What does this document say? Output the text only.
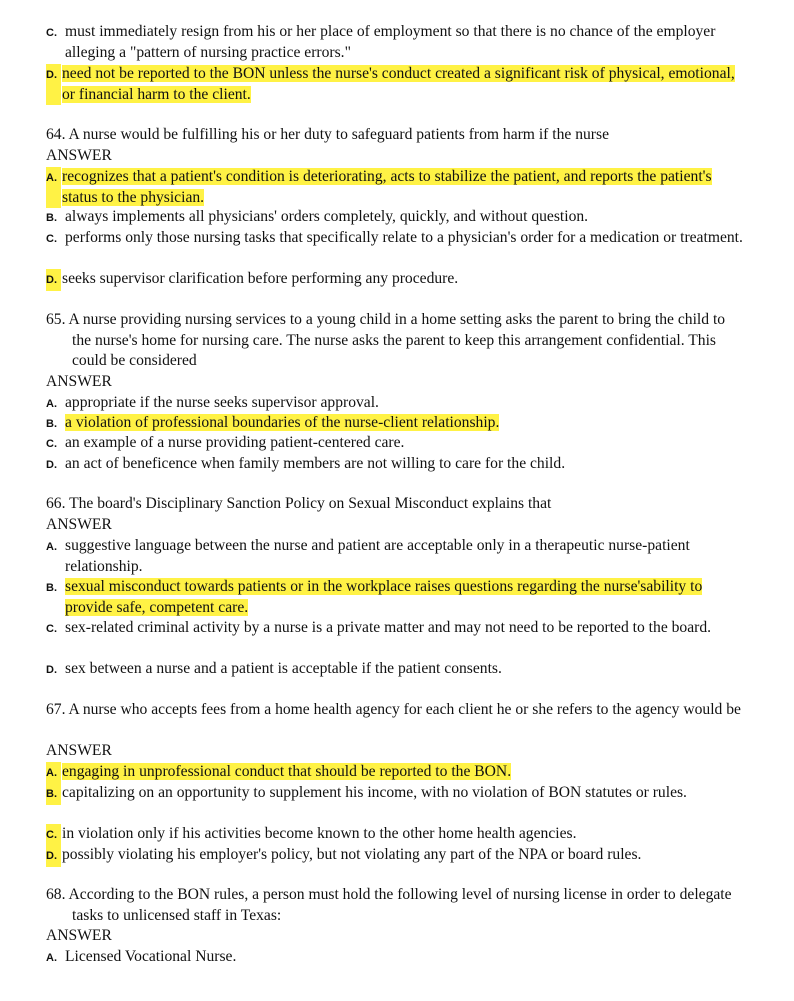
C. must immediately resign from his or her place of employment so that there is no chance of the employer alleging a "pattern of nursing practice errors."
D. need not be reported to the BON unless the nurse's conduct created a significant risk of physical, emotional, or financial harm to the client.
64. A nurse would be fulfilling his or her duty to safeguard patients from harm if the nurse
ANSWER
A. recognizes that a patient's condition is deteriorating, acts to stabilize the patient, and reports the patient's status to the physician.
B. always implements all physicians' orders completely, quickly, and without question.
C. performs only those nursing tasks that specifically relate to a physician's order for a medication or treatment.
D. seeks supervisor clarification before performing any procedure.
65. A nurse providing nursing services to a young child in a home setting asks the parent to bring the child to the nurse's home for nursing care. The nurse asks the parent to keep this arrangement confidential. This could be considered
ANSWER
A. appropriate if the nurse seeks supervisor approval.
B. a violation of professional boundaries of the nurse-client relationship.
C. an example of a nurse providing patient-centered care.
D. an act of beneficence when family members are not willing to care for the child.
66. The board's Disciplinary Sanction Policy on Sexual Misconduct explains that
ANSWER
A. suggestive language between the nurse and patient are acceptable only in a therapeutic nurse-patient relationship.
B. sexual misconduct towards patients or in the workplace raises questions regarding the nurse'sability to provide safe, competent care.
C. sex-related criminal activity by a nurse is a private matter and may not need to be reported to the board.
D. sex between a nurse and a patient is acceptable if the patient consents.
67. A nurse who accepts fees from a home health agency for each client he or she refers to the agency would be
ANSWER
A. engaging in unprofessional conduct that should be reported to the BON.
B. capitalizing on an opportunity to supplement his income, with no violation of BON statutes or rules.
C. in violation only if his activities become known to the other home health agencies.
D. possibly violating his employer's policy, but not violating any part of the NPA or board rules.
68. According to the BON rules, a person must hold the following level of nursing license in order to delegate tasks to unlicensed staff in Texas:
ANSWER
A. Licensed Vocational Nurse.
